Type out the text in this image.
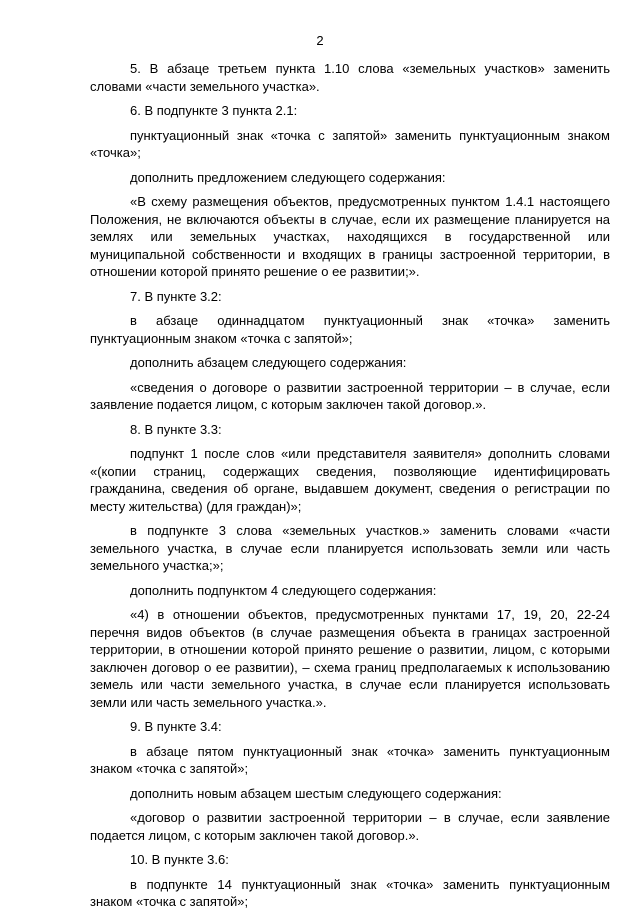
2

5. В абзаце третьем пункта 1.10 слова «земельных участков» заменить словами «части земельного участка».

6. В подпункте 3 пункта 2.1:

пунктуационный знак «точка с запятой» заменить пунктуационным знаком «точка»;

дополнить предложением следующего содержания:

«В схему размещения объектов, предусмотренных пунктом 1.4.1 настоящего Положения, не включаются объекты в случае, если их размещение планируется на землях или земельных участках, находящихся в государственной или муниципальной собственности и входящих в границы застроенной территории, в отношении которой принято решение о ее развитии;».

7. В пункте 3.2:

в абзаце одиннадцатом пунктуационный знак «точка» заменить пунктуационным знаком «точка с запятой»;

дополнить абзацем следующего содержания:

«сведения о договоре о развитии застроенной территории – в случае, если заявление подается лицом, с которым заключен такой договор.».

8. В пункте 3.3:

подпункт 1 после слов «или представителя заявителя» дополнить словами «(копии страниц, содержащих сведения, позволяющие идентифицировать гражданина, сведения об органе, выдавшем документ, сведения о регистрации по месту жительства) (для граждан)»;

в подпункте 3 слова «земельных участков.» заменить словами «части земельного участка, в случае если планируется использовать земли или часть земельного участка;»;

дополнить подпунктом 4 следующего содержания:

«4) в отношении объектов, предусмотренных пунктами 17, 19, 20, 22-24 перечня видов объектов (в случае размещения объекта в границах застроенной территории, в отношении которой принято решение о развитии, лицом, с которыми заключен договор о ее развитии), – схема границ предполагаемых к использованию земель или части земельного участка, в случае если планируется использовать земли или часть земельного участка.».

9. В пункте 3.4:

в абзаце пятом пунктуационный знак «точка» заменить пунктуационным знаком «точка с запятой»;

дополнить новым абзацем шестым следующего содержания:

«договор о развитии застроенной территории – в случае, если заявление подается лицом, с которым заключен такой договор.».

10. В пункте 3.6:

в подпункте 14 пунктуационный знак «точка» заменить пунктуационным знаком «точка с запятой»;
